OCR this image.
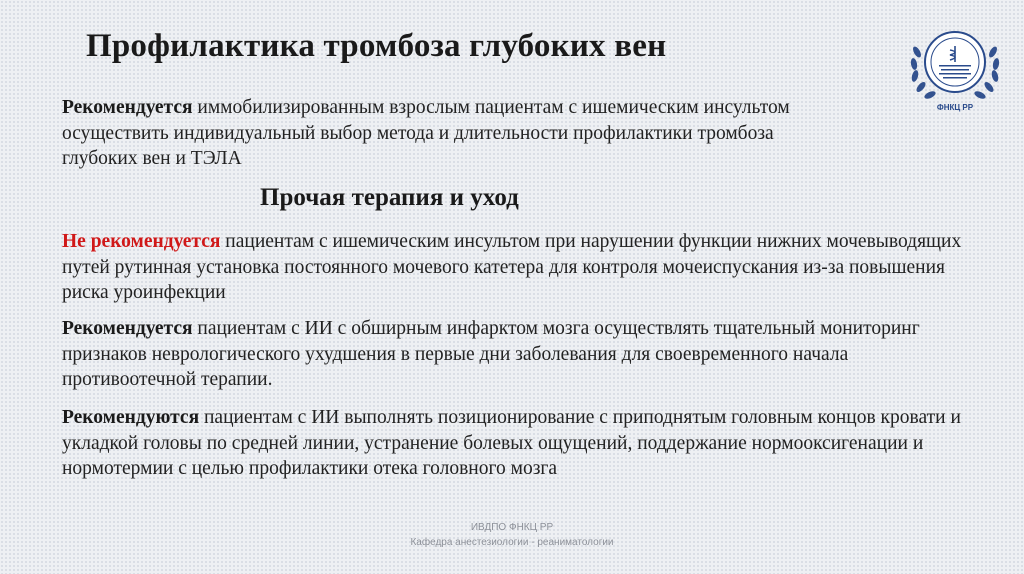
Профилактика тромбоза глубоких вен
ФНКЦ РР

Рекомендуется иммобилизированным взрослым пациентам с ишемическим инсультом осуществить индивидуальный выбор метода и длительности профилактики тромбоза глубоких вен и ТЭЛА

Прочая терапия и уход

Не рекомендуется пациентам с ишемическим инсультом при нарушении функции нижних мочевыводящих путей рутинная установка постоянного мочевого катетера для контроля мочеиспускания из-за повышения риска уроинфекции

Рекомендуется пациентам с ИИ с обширным инфарктом мозга осуществлять тщательный мониторинг признаков неврологического ухудшения в первые дни заболевания для своевременного начала противоотечной терапии.

Рекомендуются пациентам с ИИ выполнять позиционирование с приподнятым головным концов кровати и укладкой головы по средней линии, устранение болевых ощущений, поддержание нормооксигенации и нормотермии с целью профилактики отека головного мозга

ИВДПО ФНКЦ РР
Кафедра анестезиологии - реаниматологии
